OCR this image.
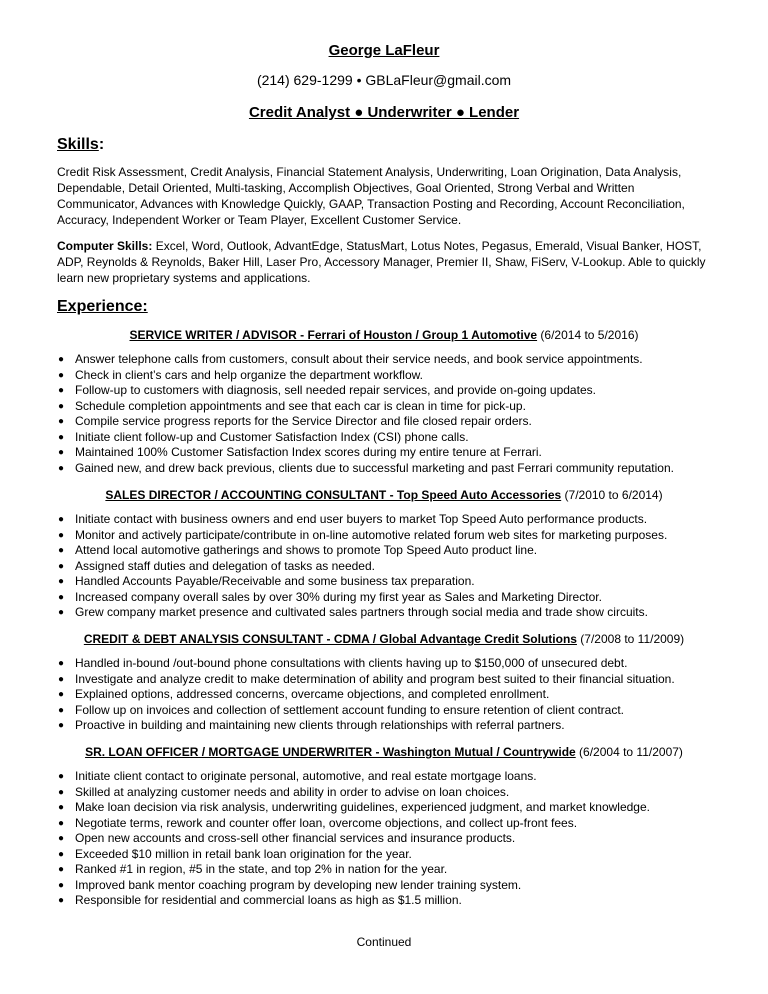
George LaFleur
(214) 629-1299 • GBLaFleur@gmail.com
Credit Analyst ● Underwriter ● Lender
Skills:
Credit Risk Assessment, Credit Analysis, Financial Statement Analysis, Underwriting, Loan Origination, Data Analysis, Dependable, Detail Oriented, Multi-tasking, Accomplish Objectives, Goal Oriented, Strong Verbal and Written Communicator, Advances with Knowledge Quickly, GAAP, Transaction Posting and Recording, Account Reconciliation, Accuracy, Independent Worker or Team Player, Excellent Customer Service.
Computer Skills: Excel, Word, Outlook, AdvantEdge, StatusMart, Lotus Notes, Pegasus, Emerald, Visual Banker, HOST, ADP, Reynolds & Reynolds, Baker Hill, Laser Pro, Accessory Manager, Premier II, Shaw, FiServ, V-Lookup. Able to quickly learn new proprietary systems and applications.
Experience:
SERVICE WRITER / ADVISOR - Ferrari of Houston / Group 1 Automotive (6/2014 to 5/2016)
● Answer telephone calls from customers, consult about their service needs, and book service appointments.
● Check in client’s cars and help organize the department workflow.
● Follow-up to customers with diagnosis, sell needed repair services, and provide on-going updates.
● Schedule completion appointments and see that each car is clean in time for pick-up.
● Compile service progress reports for the Service Director and file closed repair orders.
● Initiate client follow-up and Customer Satisfaction Index (CSI) phone calls.
● Maintained 100% Customer Satisfaction Index scores during my entire tenure at Ferrari.
● Gained new, and drew back previous, clients due to successful marketing and past Ferrari community reputation.
SALES DIRECTOR / ACCOUNTING CONSULTANT - Top Speed Auto Accessories (7/2010 to 6/2014)
● Initiate contact with business owners and end user buyers to market Top Speed Auto performance products.
● Monitor and actively participate/contribute in on-line automotive related forum web sites for marketing purposes.
● Attend local automotive gatherings and shows to promote Top Speed Auto product line.
● Assigned staff duties and delegation of tasks as needed.
● Handled Accounts Payable/Receivable and some business tax preparation.
● Increased company overall sales by over 30% during my first year as Sales and Marketing Director.
● Grew company market presence and cultivated sales partners through social media and trade show circuits.
CREDIT & DEBT ANALYSIS CONSULTANT - CDMA / Global Advantage Credit Solutions (7/2008 to 11/2009)
● Handled in-bound /out-bound phone consultations with clients having up to $150,000 of unsecured debt.
● Investigate and analyze credit to make determination of ability and program best suited to their financial situation.
● Explained options, addressed concerns, overcame objections, and completed enrollment.
● Follow up on invoices and collection of settlement account funding to ensure retention of client contract.
● Proactive in building and maintaining new clients through relationships with referral partners.
SR. LOAN OFFICER / MORTGAGE UNDERWRITER - Washington Mutual / Countrywide (6/2004 to 11/2007)
● Initiate client contact to originate personal, automotive, and real estate mortgage loans.
● Skilled at analyzing customer needs and ability in order to advise on loan choices.
● Make loan decision via risk analysis, underwriting guidelines, experienced judgment, and market knowledge.
● Negotiate terms, rework and counter offer loan, overcome objections, and collect up-front fees.
● Open new accounts and cross-sell other financial services and insurance products.
● Exceeded $10 million in retail bank loan origination for the year.
● Ranked #1 in region, #5 in the state, and top 2% in nation for the year.
● Improved bank mentor coaching program by developing new lender training system.
● Responsible for residential and commercial loans as high as $1.5 million.
Continued
